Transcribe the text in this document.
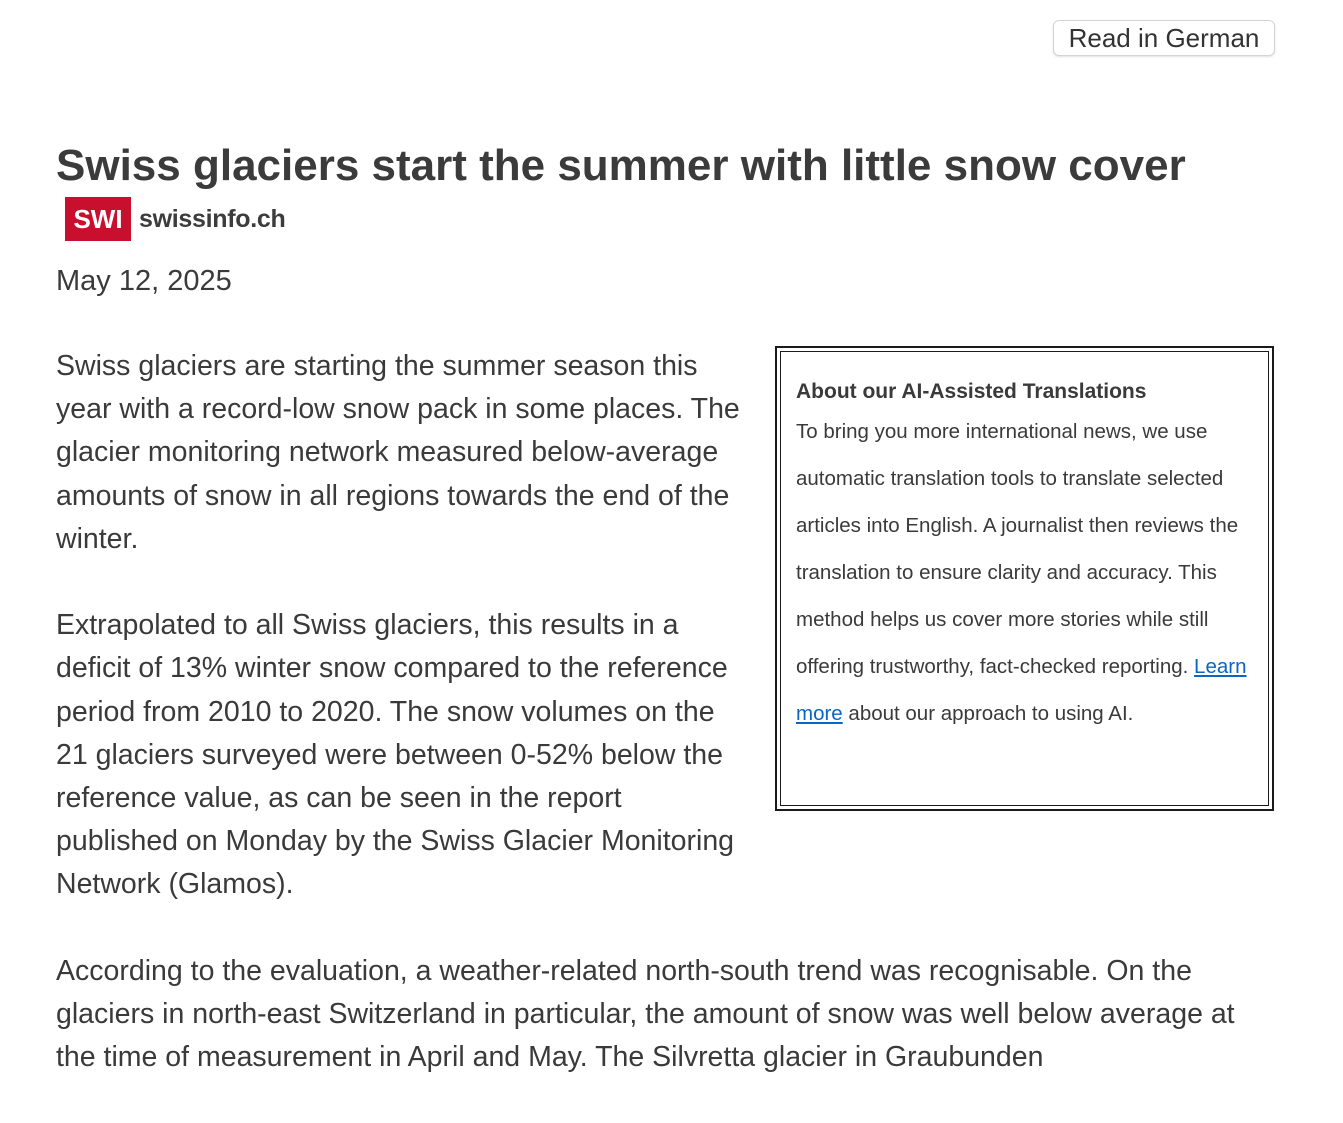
Read in German
Swiss glaciers start the summer with little snow cover
SWI swissinfo.ch
May 12, 2025
About our AI-Assisted Translations

To bring you more international news, we use automatic translation tools to translate selected articles into English. A journalist then reviews the translation to ensure clarity and accuracy. This method helps us cover more stories while still offering trustworthy, fact-checked reporting. Learn more about our approach to using AI.

Swiss glaciers are starting the summer season this year with a record-low snow pack in some places. The glacier monitoring network measured below-average amounts of snow in all regions towards the end of the winter.

Extrapolated to all Swiss glaciers, this results in a deficit of 13% winter snow compared to the reference period from 2010 to 2020. The snow volumes on the 21 glaciers surveyed were between 0-52% below the reference value, as can be seen in the report published on Monday by the Swiss Glacier Monitoring Network (Glamos).

According to the evaluation, a weather-related north-south trend was recognisable. On the glaciers in north-east Switzerland in particular, the amount of snow was well below average at the time of measurement in April and May. The Silvretta glacier in Graubunden
